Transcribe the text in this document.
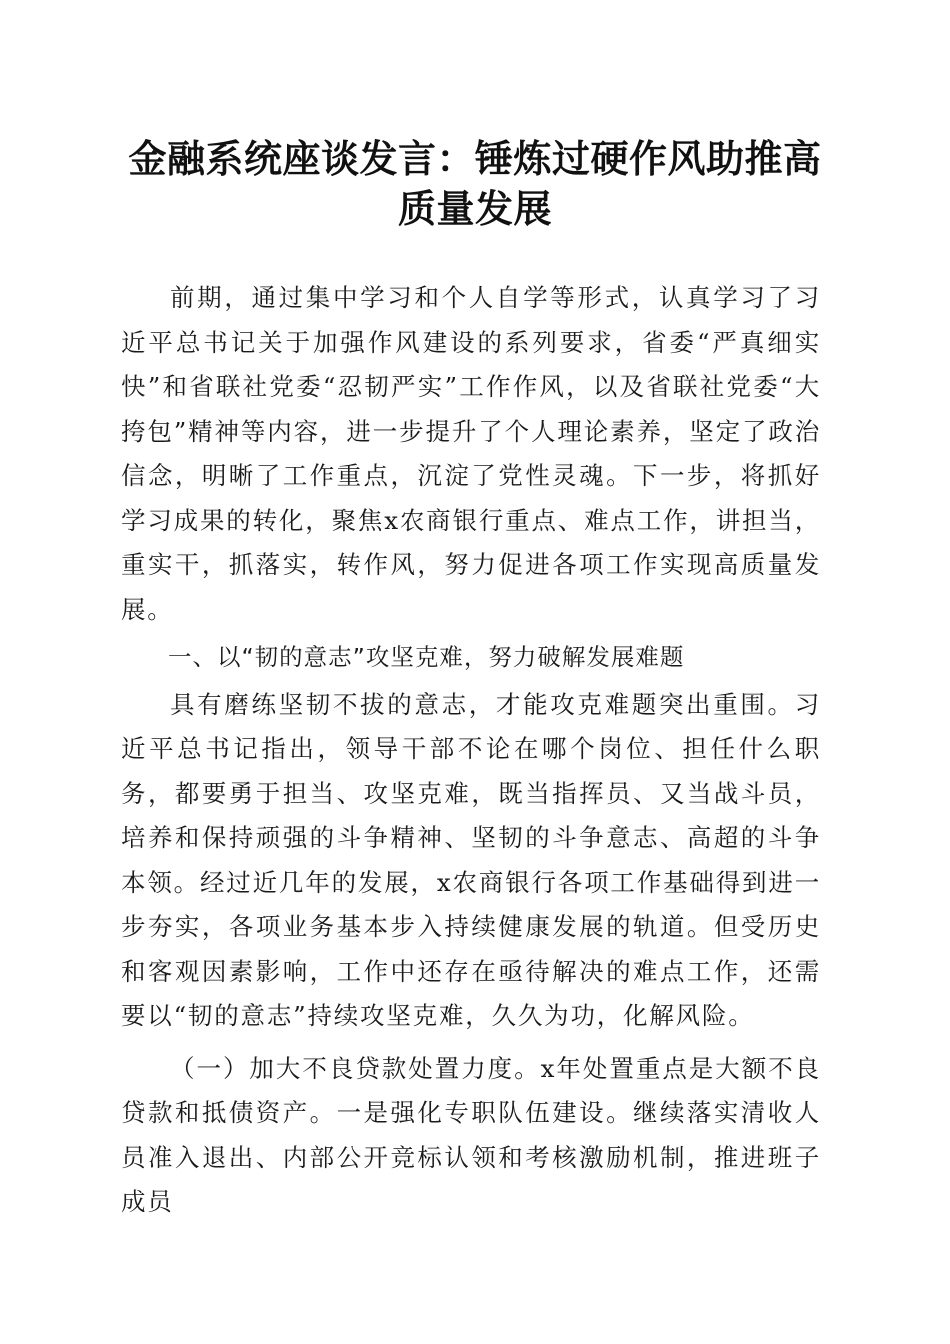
金融系统座谈发言：锤炼过硬作风助推高质量发展

前期，通过集中学习和个人自学等形式，认真学习了习近平总书记关于加强作风建设的系列要求，省委“严真细实快”和省联社党委“忍韧严实”工作作风，以及省联社党委“大挎包”精神等内容，进一步提升了个人理论素养，坚定了政治信念，明晰了工作重点，沉淀了党性灵魂。下一步，将抓好学习成果的转化，聚焦x农商银行重点、难点工作，讲担当，重实干，抓落实，转作风，努力促进各项工作实现高质量发展。

一、以“韧的意志”攻坚克难，努力破解发展难题

具有磨练坚韧不拔的意志，才能攻克难题突出重围。习近平总书记指出，领导干部不论在哪个岗位、担任什么职务，都要勇于担当、攻坚克难，既当指挥员、又当战斗员，培养和保持顽强的斗争精神、坚韧的斗争意志、高超的斗争本领。经过近几年的发展，x农商银行各项工作基础得到进一步夯实，各项业务基本步入持续健康发展的轨道。但受历史和客观因素影响，工作中还存在亟待解决的难点工作，还需要以“韧的意志”持续攻坚克难，久久为功，化解风险。

（一）加大不良贷款处置力度。x年处置重点是大额不良贷款和抵债资产。一是强化专职队伍建设。继续落实清收人员准入退出、内部公开竞标认领和考核激励机制，推进班子成员
